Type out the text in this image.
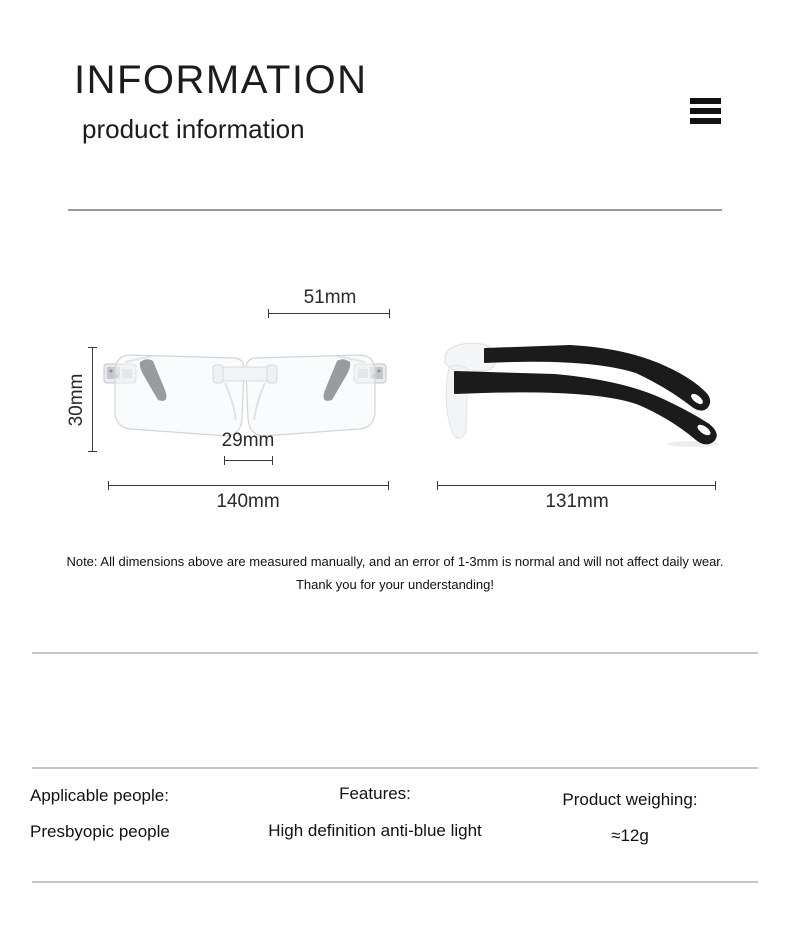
INFORMATION
product information
51mm
30mm
29mm
140mm	131mm
Note: All dimensions above are measured manually, and an error of 1-3mm is normal and will not affect daily wear.
Thank you for your understanding!
Applicable people:
Presbyopic people
Features:
High definition anti-blue light
Product weighing:
≈12g
